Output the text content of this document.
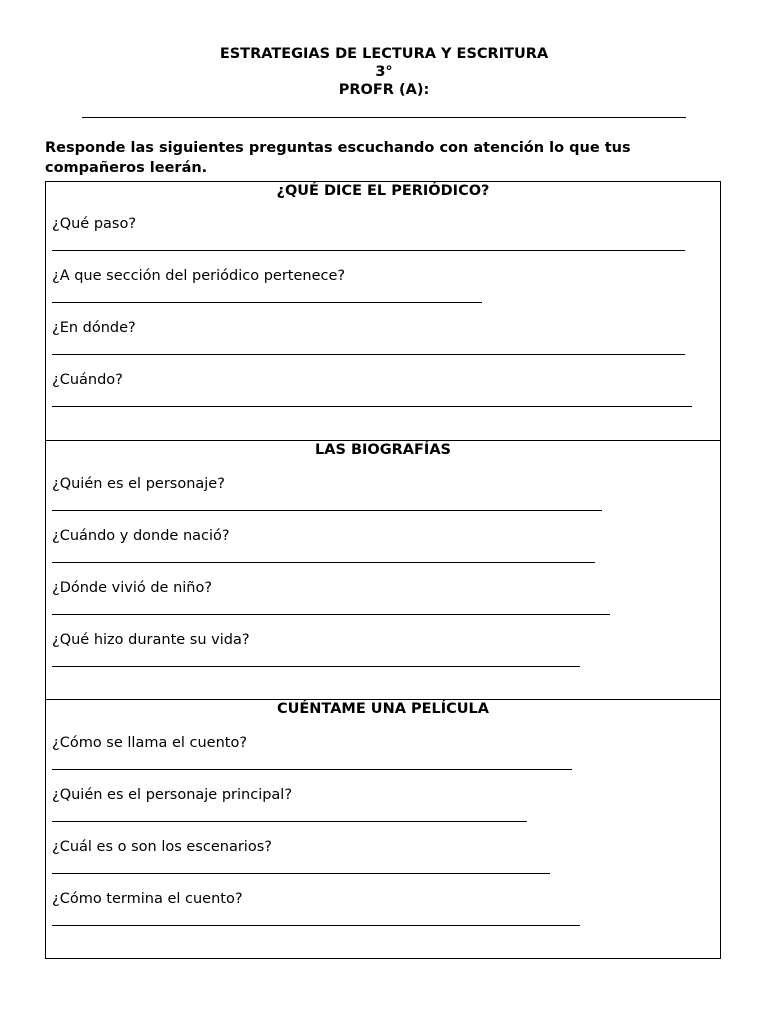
ESTRATEGIAS DE LECTURA Y ESCRITURA
3°
PROFR (A):
Responde las siguientes preguntas escuchando con atención lo que tus compañeros leerán.
¿QUÉ DICE EL PERIÓDICO?
¿Qué paso?
¿A que sección del periódico pertenece?
¿En dónde?
¿Cuándo?
LAS BIOGRAFÍAS
¿Quién es el personaje?
¿Cuándo y donde nació?
¿Dónde vivió de niño?
¿Qué hizo durante su vida?
CUÉNTAME UNA PELÍCULA
¿Cómo se llama el cuento?
¿Quién es el personaje principal?
¿Cuál es o son los escenarios?
¿Cómo termina el cuento?
